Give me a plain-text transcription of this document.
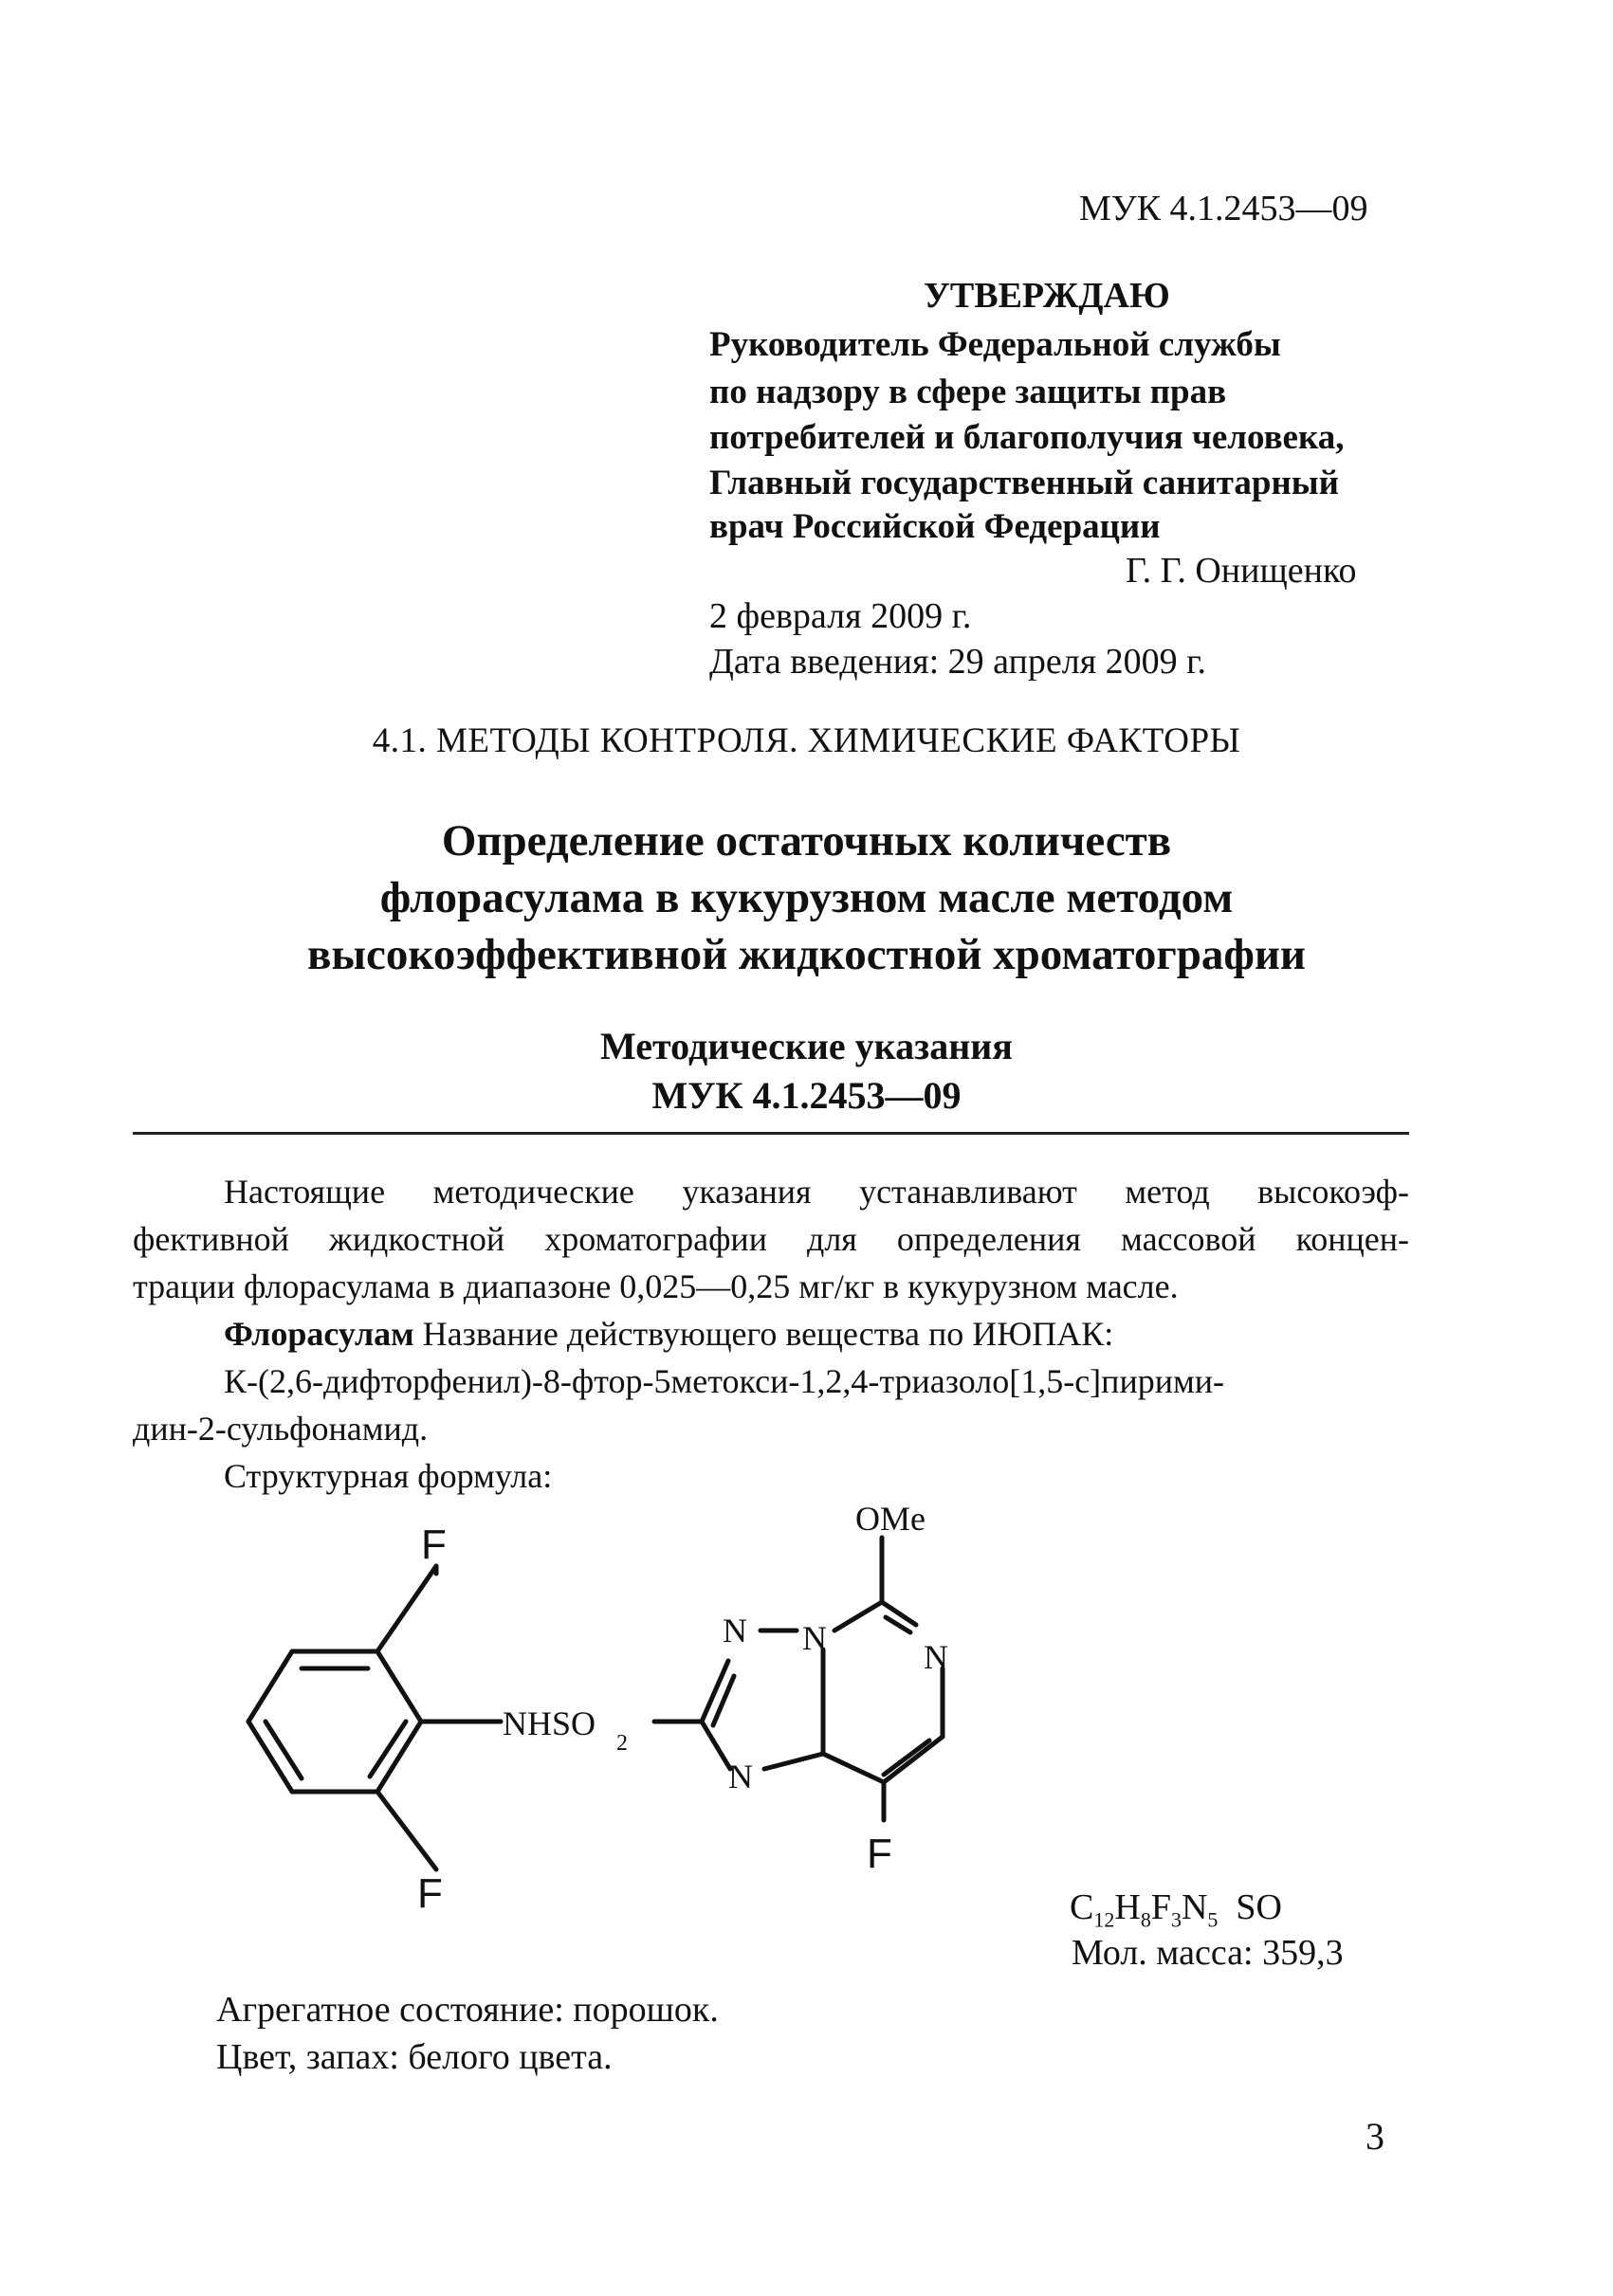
МУК 4.1.2453—09
УТВЕРЖДАЮ
Руководитель Федеральной службы
по надзору в сфере защиты прав
потребителей и благополучия человека,
Главный государственный санитарный
врач Российской Федерации
Г. Г. Онищенко
2 февраля 2009 г.
Дата введения: 29 апреля 2009 г.
4.1. МЕТОДЫ КОНТРОЛЯ. ХИМИЧЕСКИЕ ФАКТОРЫ
Определение остаточных количеств
флорасулама в кукурузном масле методом
высокоэффективной жидкостной хроматографии
Методические указания
МУК 4.1.2453—09
Настоящие методические указания устанавливают метод высокоэф-
фективной жидкостной хроматографии для определения массовой концен-
трации флорасулама в диапазоне 0,025—0,25 мг/кг в кукурузном масле.
Флорасулам Название действующего вещества по ИЮПАК:
К-(2,6-дифторфенил)-8-фтор-5метокси-1,2,4-триазоло[1,5-с]пирими-
дин-2-сульфонамид.
Структурная формула:
F
F
F
OMe
NHSO
2
N N	N
N
$C_{12}H_8F_3N_5$ SO
Мол. масса: 359,3
Агрегатное состояние: порошок.
Цвет, запах: белого цвета.
3
